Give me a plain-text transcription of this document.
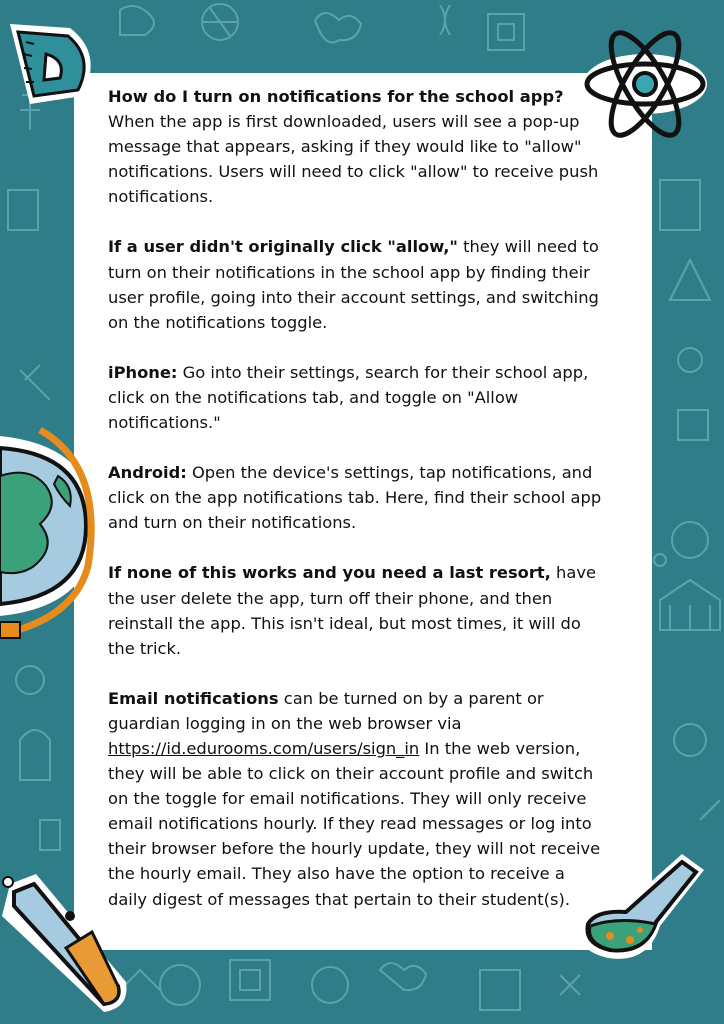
How do I turn on notifications for the school app? When the app is first downloaded, users will see a pop-up message that appears, asking if they would like to "allow" notifications. Users will need to click "allow" to receive push notifications.

If a user didn't originally click "allow," they will need to turn on their notifications in the school app by finding their user profile, going into their account settings, and switching on the notifications toggle.

iPhone: Go into their settings, search for their school app, click on the notifications tab, and toggle on "Allow notifications."

Android: Open the device's settings, tap notifications, and click on the app notifications tab. Here, find their school app and turn on their notifications.

If none of this works and you need a last resort, have the user delete the app, turn off their phone, and then reinstall the app. This isn't ideal, but most times, it will do the trick.

Email notifications can be turned on by a parent or guardian logging in on the web browser via https://id.edurooms.com/users/sign_in In the web version, they will be able to click on their account profile and switch on the toggle for email notifications. They will only receive email notifications hourly. If they read messages or log into their browser before the hourly update, they will not receive the hourly email. They also have the option to receive a daily digest of messages that pertain to their student(s).
